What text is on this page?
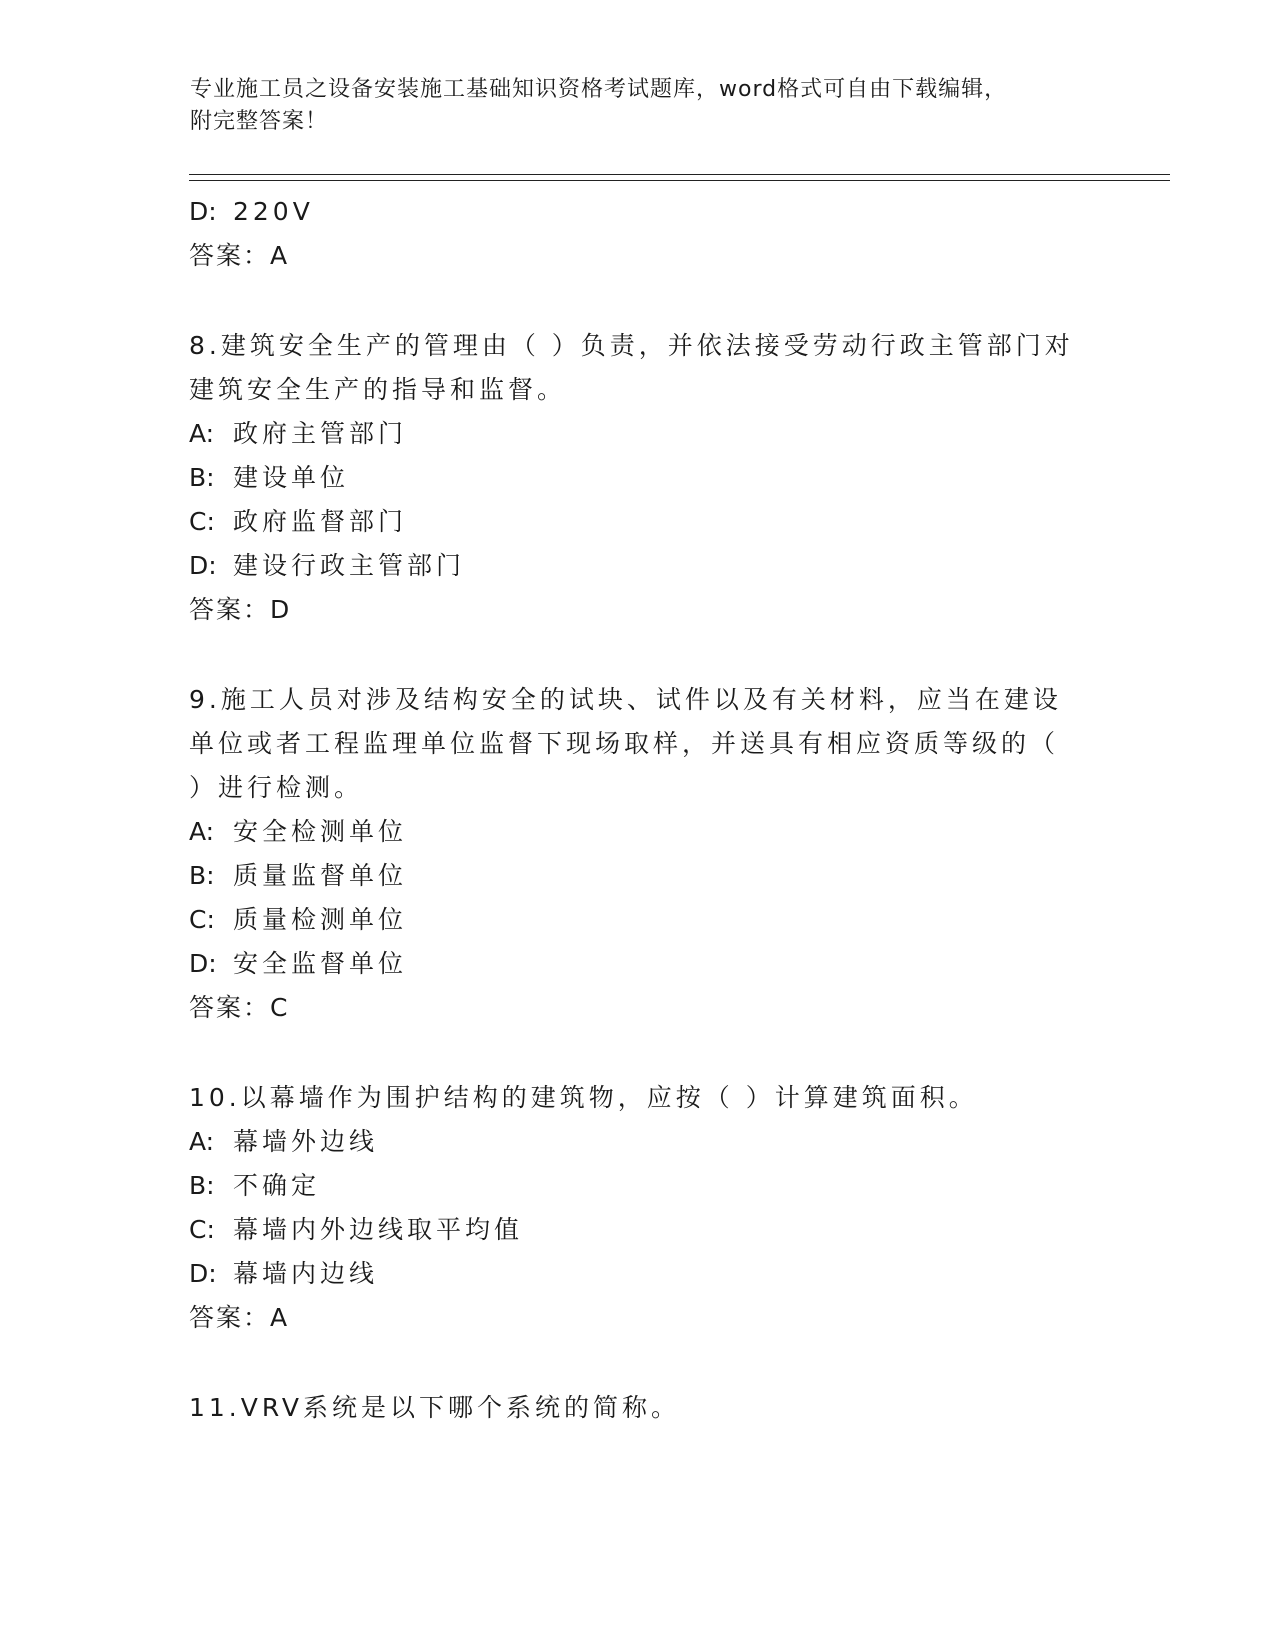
专业施工员之设备安装施工基础知识资格考试题库，word格式可自由下载编辑，
附完整答案！
D: 220V
答案：A
8.建筑安全生产的管理由（ ）负责，并依法接受劳动行政主管部门对
建筑安全生产的指导和监督。
A: 政府主管部门
B: 建设单位
C: 政府监督部门
D: 建设行政主管部门
答案：D
9.施工人员对涉及结构安全的试块、试件以及有关材料，应当在建设
单位或者工程监理单位监督下现场取样，并送具有相应资质等级的（
）进行检测。
A: 安全检测单位
B: 质量监督单位
C: 质量检测单位
D: 安全监督单位
答案：C
10.以幕墙作为围护结构的建筑物，应按（ ）计算建筑面积。
A: 幕墙外边线
B: 不确定
C: 幕墙内外边线取平均值
D: 幕墙内边线
答案：A
11.VRV系统是以下哪个系统的简称。
